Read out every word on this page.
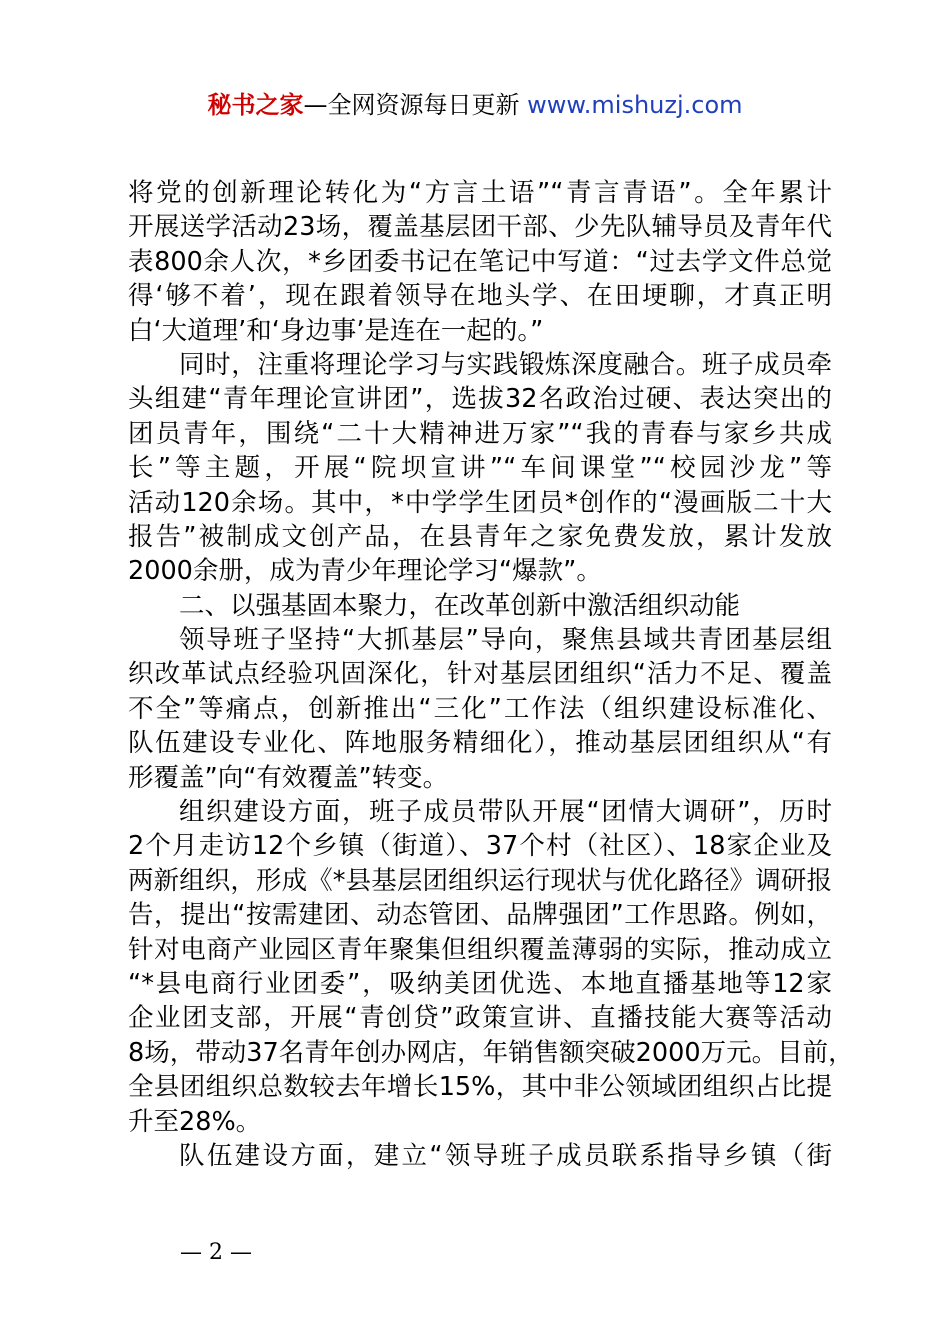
秘书之家—全网资源每日更新 www.mishuzj.com
将党的创新理论转化为“方言土语”“青言青语”。全年累计
开展送学活动23场，覆盖基层团干部、少先队辅导员及青年代
表800余人次，*乡团委书记在笔记中写道：“过去学文件总觉
得‘够不着’，现在跟着领导在地头学、在田埂聊，才真正明
白‘大道理’和‘身边事’是连在一起的。”
同时，注重将理论学习与实践锻炼深度融合。班子成员牵
头组建“青年理论宣讲团”，选拔32名政治过硬、表达突出的
团员青年，围绕“二十大精神进万家”“我的青春与家乡共成
长”等主题，开展“院坝宣讲”“车间课堂”“校园沙龙”等
活动120余场。其中，*中学学生团员*创作的“漫画版二十大
报告”被制成文创产品，在县青年之家免费发放，累计发放
2000余册，成为青少年理论学习“爆款”。
二、以强基固本聚力，在改革创新中激活组织动能
领导班子坚持“大抓基层”导向，聚焦县域共青团基层组
织改革试点经验巩固深化，针对基层团组织“活力不足、覆盖
不全”等痛点，创新推出“三化”工作法（组织建设标准化、
队伍建设专业化、阵地服务精细化），推动基层团组织从“有
形覆盖”向“有效覆盖”转变。
组织建设方面，班子成员带队开展“团情大调研”，历时
2个月走访12个乡镇（街道）、37个村（社区）、18家企业及
两新组织，形成《*县基层团组织运行现状与优化路径》调研报
告，提出“按需建团、动态管团、品牌强团”工作思路。例如，
针对电商产业园区青年聚集但组织覆盖薄弱的实际，推动成立
“*县电商行业团委”，吸纳美团优选、本地直播基地等12家
企业团支部，开展“青创贷”政策宣讲、直播技能大赛等活动
8场，带动37名青年创办网店，年销售额突破2000万元。目前，
全县团组织总数较去年增长15%，其中非公领域团组织占比提
升至28%。
队伍建设方面，建立“领导班子成员联系指导乡镇（街
— 2 —
